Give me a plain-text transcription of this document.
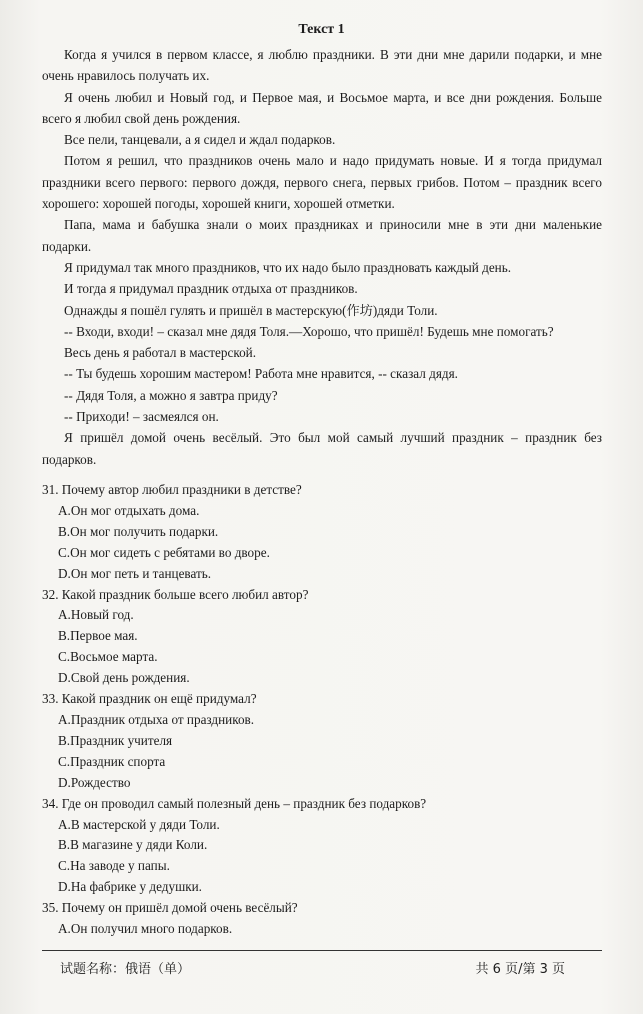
Текст 1

Когда я учился в первом классе, я люблю праздники. В эти дни мне дарили подарки, и мне очень нравилось получать их.

Я очень любил и Новый год, и Первое мая, и Восьмое марта, и все дни рождения. Больше всего я любил свой день рождения.

Все пели, танцевали, а я сидел и ждал подарков.

Потом я решил, что праздников очень мало и надо придумать новые. И я тогда придумал праздники всего первого: первого дождя, первого снега, первых грибов. Потом – праздник всего хорошего: хорошей погоды, хорошей книги, хорошей отметки.

Папа, мама и бабушка знали о моих праздниках и приносили мне в эти дни маленькие подарки.

Я придумал так много праздников, что их надо было праздновать каждый день.

И тогда я придумал праздник отдыха от праздников.

Однажды я пошёл гулять и пришёл в мастерскую(作坊)дяди Толи.

-- Входи, входи! – сказал мне дядя Толя.—Хорошо, что пришёл! Будешь мне помогать?

Весь день я работал в мастерской.

-- Ты будешь хорошим мастером! Работа мне нравится, -- сказал дядя.

-- Дядя Толя, а можно я завтра приду?

-- Приходи! – засмеялся он.

Я пришёл домой очень весёлый. Это был мой самый лучший праздник – праздник без подарков.

31. Почему автор любил праздники в детстве?

A.Он мог отдыхать дома.

B.Он мог получить подарки.

C.Он мог сидеть с ребятами во дворе.

D.Он мог петь и танцевать.

32. Какой праздник больше всего любил автор?

A.Новый год.

B.Первое мая.

C.Восьмое марта.

D.Свой день рождения.

33. Какой праздник он ещё придумал?

A.Праздник отдыха от праздников.

B.Праздник учителя

C.Праздник спорта

D.Рождество

34. Где он проводил самый полезный день – праздник без подарков?

A.В мастерской у дяди Толи.

B.В магазине у дяди Коли.

C.На заводе у папы.

D.На фабрике у дедушки.

35. Почему он пришёл домой очень весёлый?

A.Он получил много подарков.

试题名称：俄语（单）	共 6 页/第 3 页
